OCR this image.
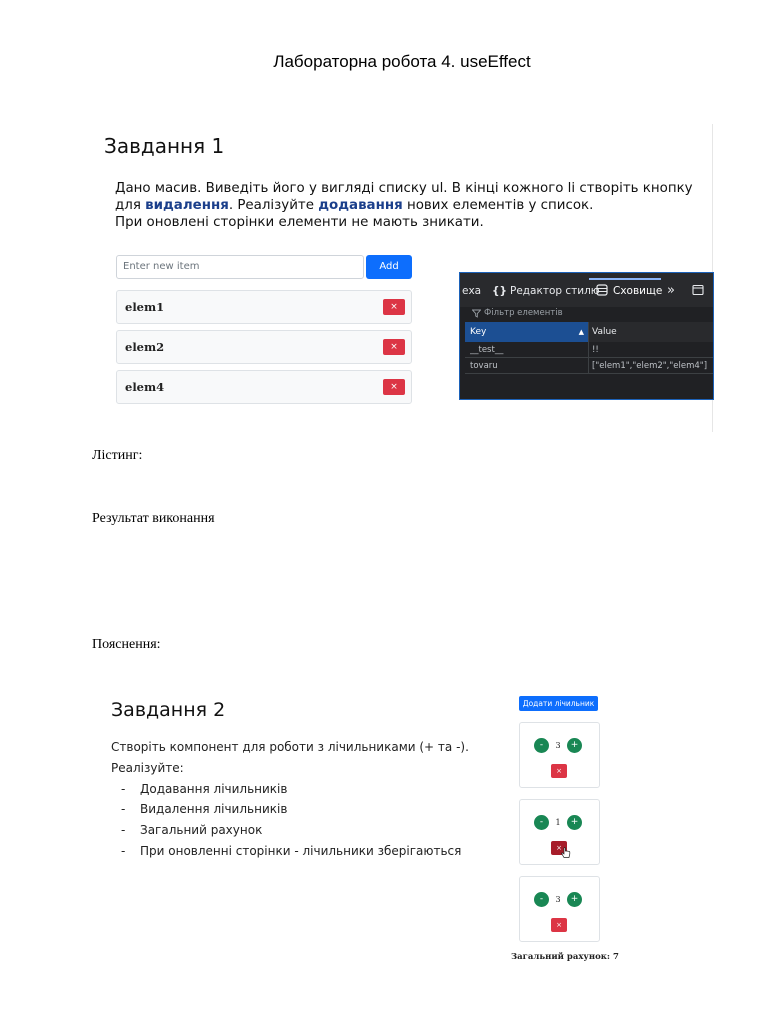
Лабораторна робота 4. useEffect
Завдання 1
Дано масив. Виведіть його у вигляді списку ul. В кінці кожного li створіть кнопку
для видалення. Реалізуйте додавання нових елементів у список.
При оновлені сторінки елементи не мають зникати.
Enter new item	Add
elem1	×
elem2	×
elem4	×
еха {} Редактор стилю Сховище »
Фільтр елементів
Key	▲ Value
__test__	!!
tovaru	["elem1","elem2","elem4"]
Лістинг:
Результат виконання
Пояснення:
Завдання 2
Створіть компонент для роботи з лічильниками (+ та -).
Реалізуйте:
- Додавання лічильників
- Видалення лічильників
- Загальний рахунок
- При оновленні сторінки - лічильники зберігаються
Додати лічильник
-	3	+
×
-	1	+
×
-	3	+
×
Загальний рахунок: 7
